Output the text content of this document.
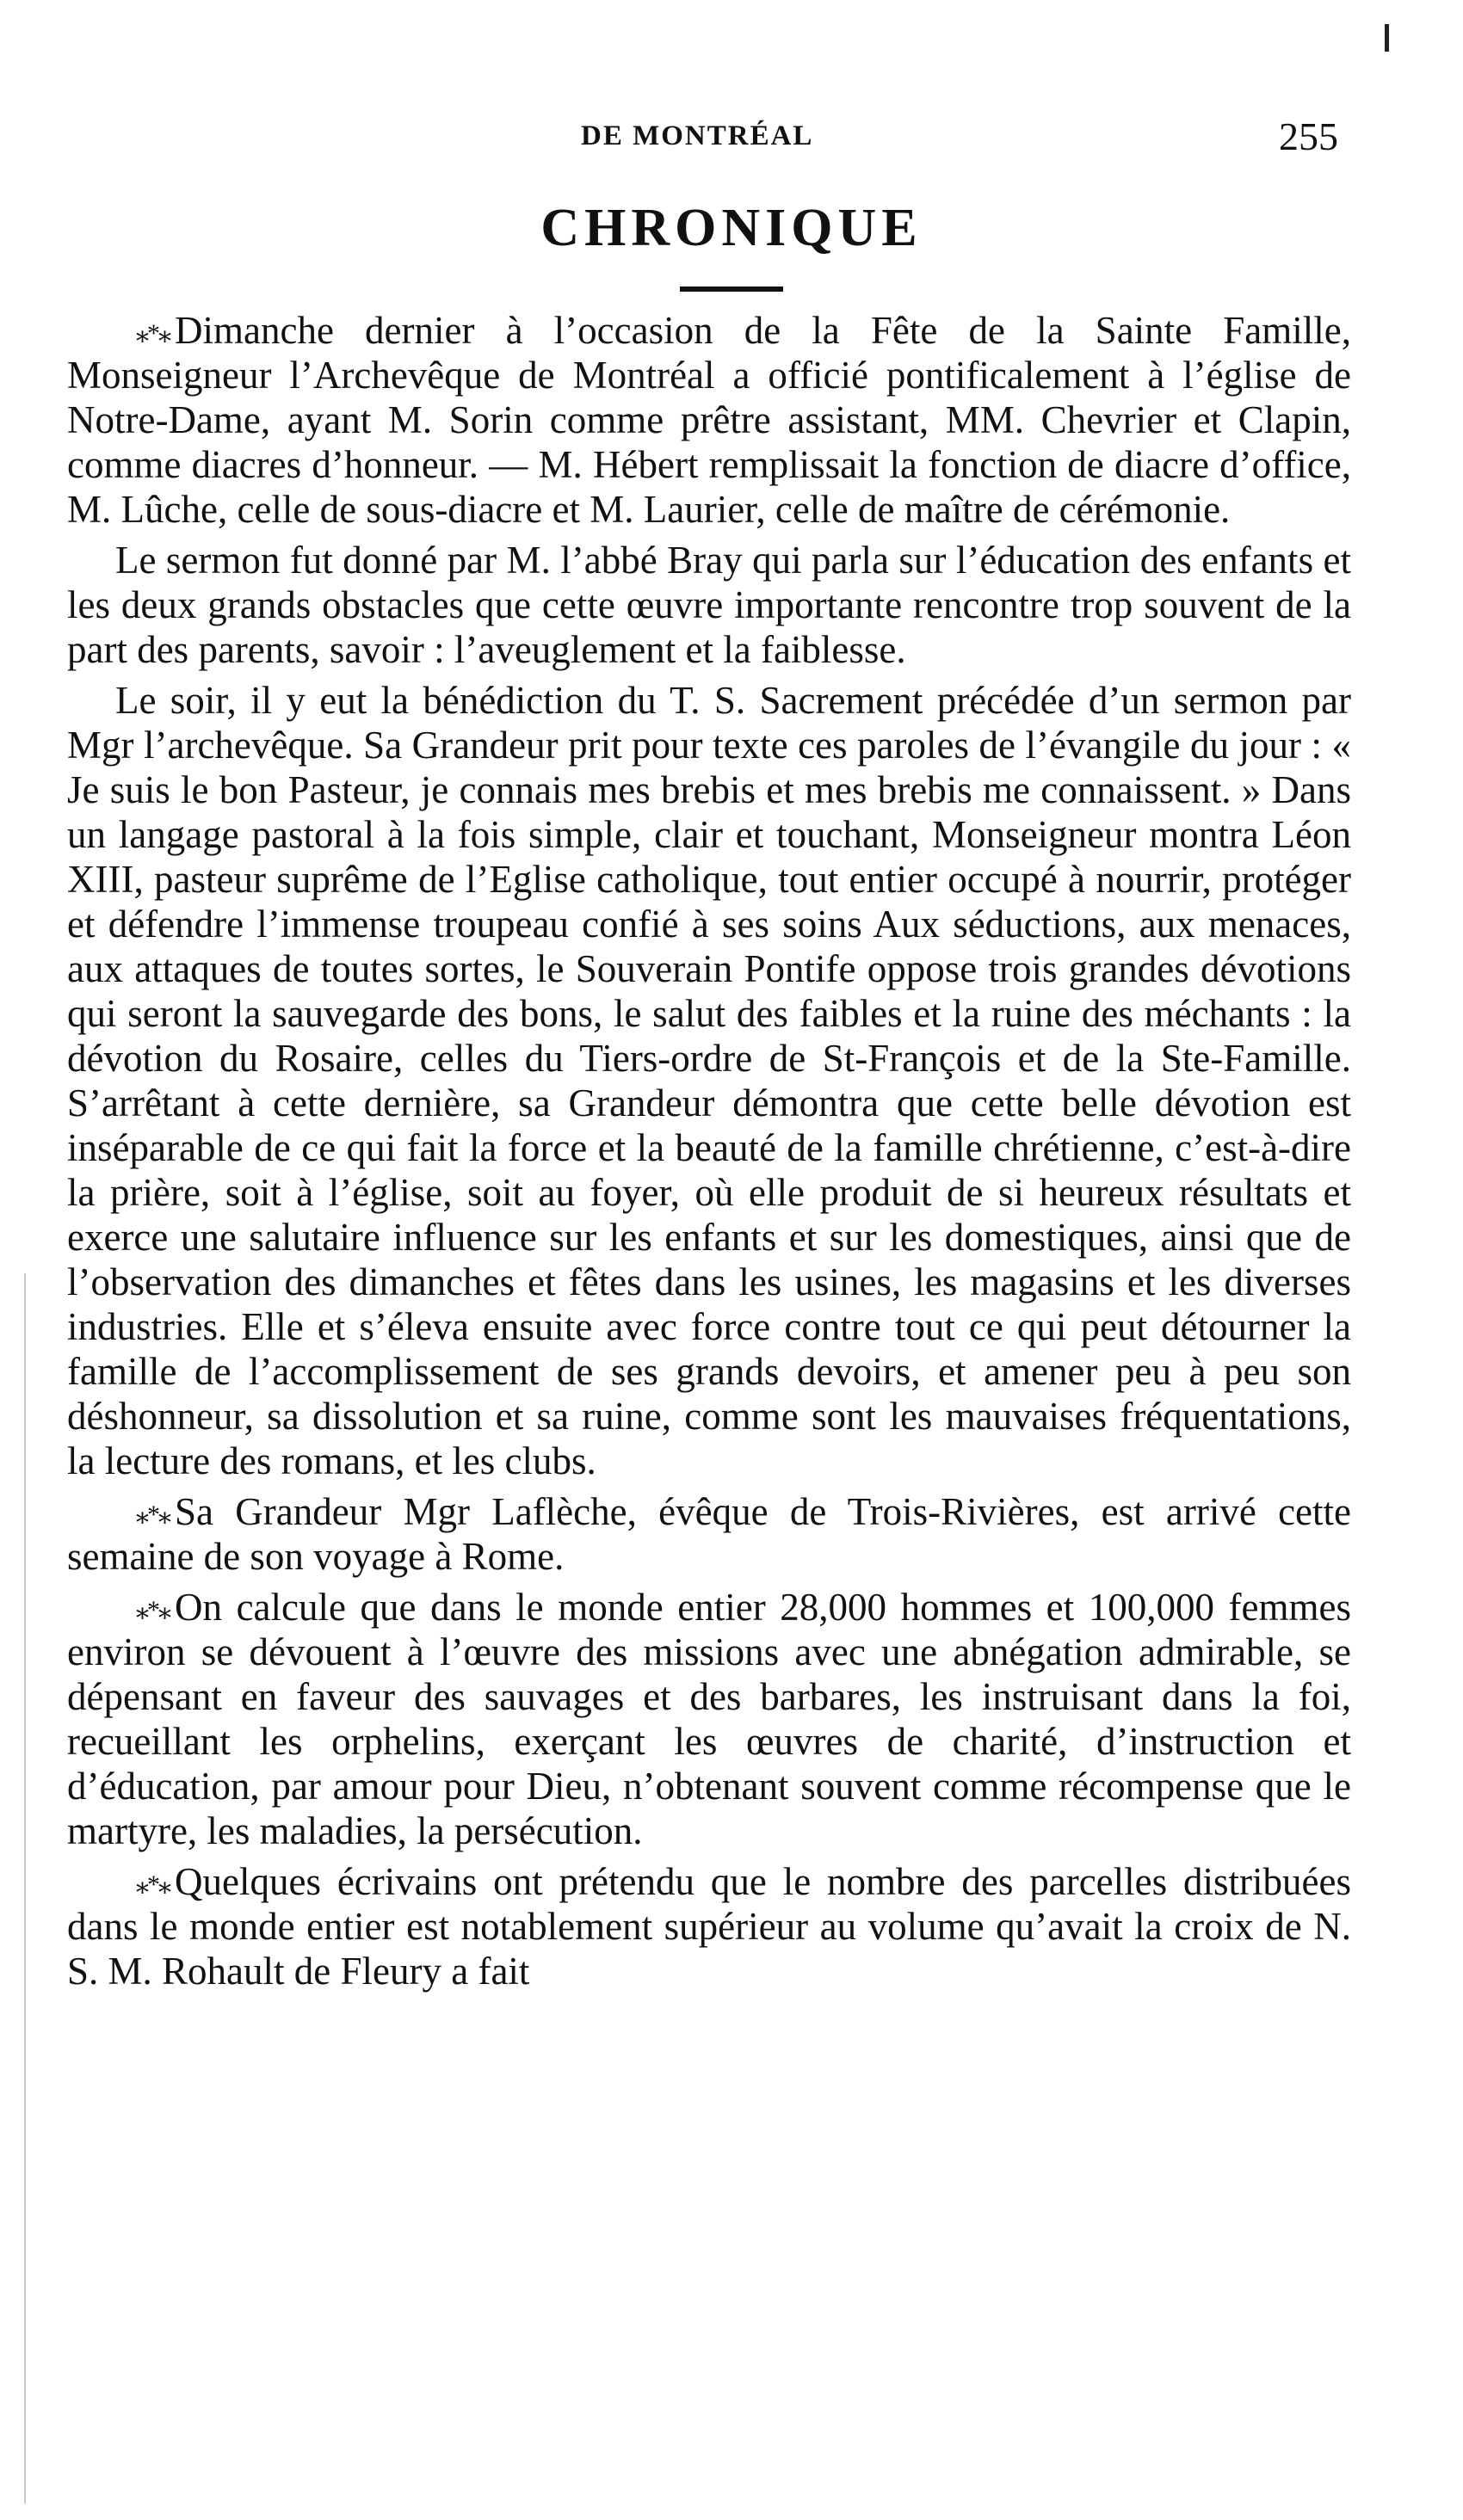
DE MONTRÉAL	255
CHRONIQUE

⁎*⁎ Dimanche dernier à l’occasion de la Fête de la Sainte Famille, Monseigneur l’Archevêque de Montréal a officié pontificalement à l’église de Notre-Dame, ayant M. Sorin comme prêtre assistant, MM. Chevrier et Clapin, comme diacres d’honneur. — M. Hébert remplissait la fonction de diacre d’office, M. Lûche, celle de sous-diacre et M. Laurier, celle de maître de cérémonie.

Le sermon fut donné par M. l’abbé Bray qui parla sur l’éducation des enfants et les deux grands obstacles que cette œuvre importante rencontre trop souvent de la part des parents, savoir : l’aveuglement et la faiblesse.

Le soir, il y eut la bénédiction du T. S. Sacrement précédée d’un sermon par Mgr l’archevêque. Sa Grandeur prit pour texte ces paroles de l’évangile du jour : « Je suis le bon Pasteur, je connais mes brebis et mes brebis me connaissent. » Dans un langage pastoral à la fois simple, clair et touchant, Monseigneur montra Léon XIII, pasteur suprême de l’Eglise catholique, tout entier occupé à nourrir, protéger et défendre l’immense troupeau confié à ses soins Aux séductions, aux menaces, aux attaques de toutes sortes, le Souverain Pontife oppose trois grandes dévotions qui seront la sauvegarde des bons, le salut des faibles et la ruine des méchants : la dévotion du Rosaire, celles du Tiers-ordre de St-François et de la Ste-Famille. S’arrêtant à cette dernière, sa Grandeur démontra que cette belle dévotion est inséparable de ce qui fait la force et la beauté de la famille chrétienne, c’est-à-dire la prière, soit à l’église, soit au foyer, où elle produit de si heureux résultats et exerce une salutaire influence sur les enfants et sur les domestiques, ainsi que de l’observation des dimanches et fêtes dans les usines, les magasins et les diverses industries. Elle et s’éleva ensuite avec force contre tout ce qui peut détourner la famille de l’accomplissement de ses grands devoirs, et amener peu à peu son déshonneur, sa dissolution et sa ruine, comme sont les mauvaises fréquentations, la lecture des romans, et les clubs.

⁎*⁎ Sa Grandeur Mgr Laflèche, évêque de Trois-Rivières, est arrivé cette semaine de son voyage à Rome.

⁎*⁎ On calcule que dans le monde entier 28,000 hommes et 100,000 femmes environ se dévouent à l’œuvre des missions avec une abnégation admirable, se dépensant en faveur des sauvages et des barbares, les instruisant dans la foi, recueillant les orphelins, exerçant les œuvres de charité, d’instruction et d’éducation, par amour pour Dieu, n’obtenant souvent comme récompense que le martyre, les maladies, la persécution.

⁎*⁎ Quelques écrivains ont prétendu que le nombre des parcelles distribuées dans le monde entier est notablement supérieur au volume qu’avait la croix de N. S. M. Rohault de Fleury a fait
